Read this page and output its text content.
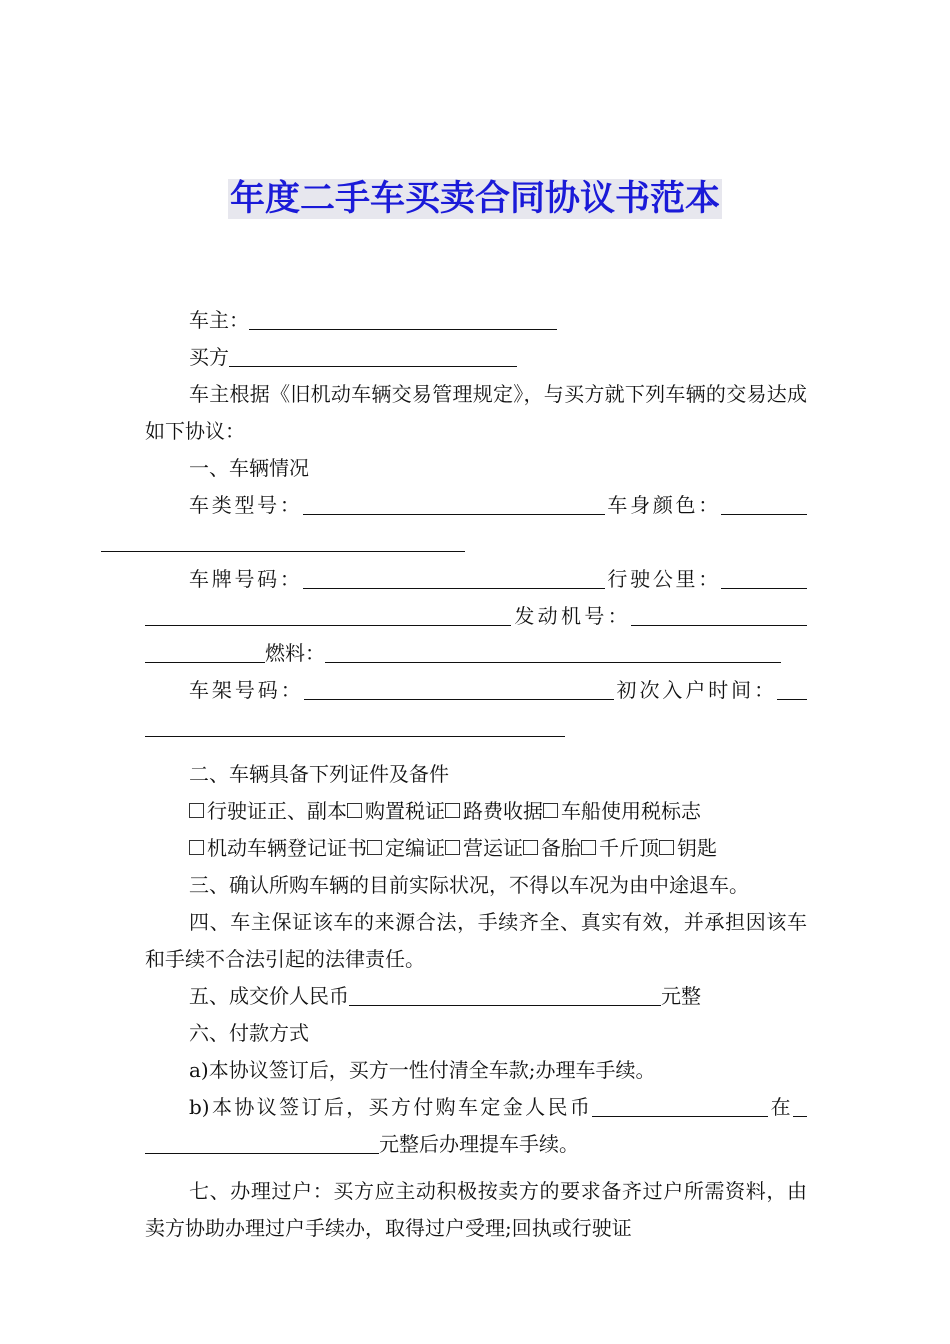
年度二手车买卖合同协议书范本

车主：

买方

车主根据《旧机动车辆交易管理规定》，与买方就下列车辆的交易达成如下协议：

一、车辆情况

车类型号：	车身颜色：

车牌号码：	行驶公里：发动机号：燃料：

车架号码：	初次入户时间：

二、车辆具备下列证件及备件

行驶证正、副本 购置税证 路费收据 车船使用税标志

机动车辆登记证书 定编证 营运证 备胎 千斤顶 钥匙

三、确认所购车辆的目前实际状况，不得以车况为由中途退车。

四、车主保证该车的来源合法，手续齐全、真实有效，并承担因该车和手续不合法引起的法律责任。

五、成交价人民币	元整

六、付款方式

a)本协议签订后，买方一性付清全车款;办理车手续。

b)本协议签订后，买方付购车定金人民币	在元整后办理提车手续。

七、办理过户：买方应主动积极按卖方的要求备齐过户所需资料，由卖方协助办理过户手续办，取得过户受理;回执或行驶证
